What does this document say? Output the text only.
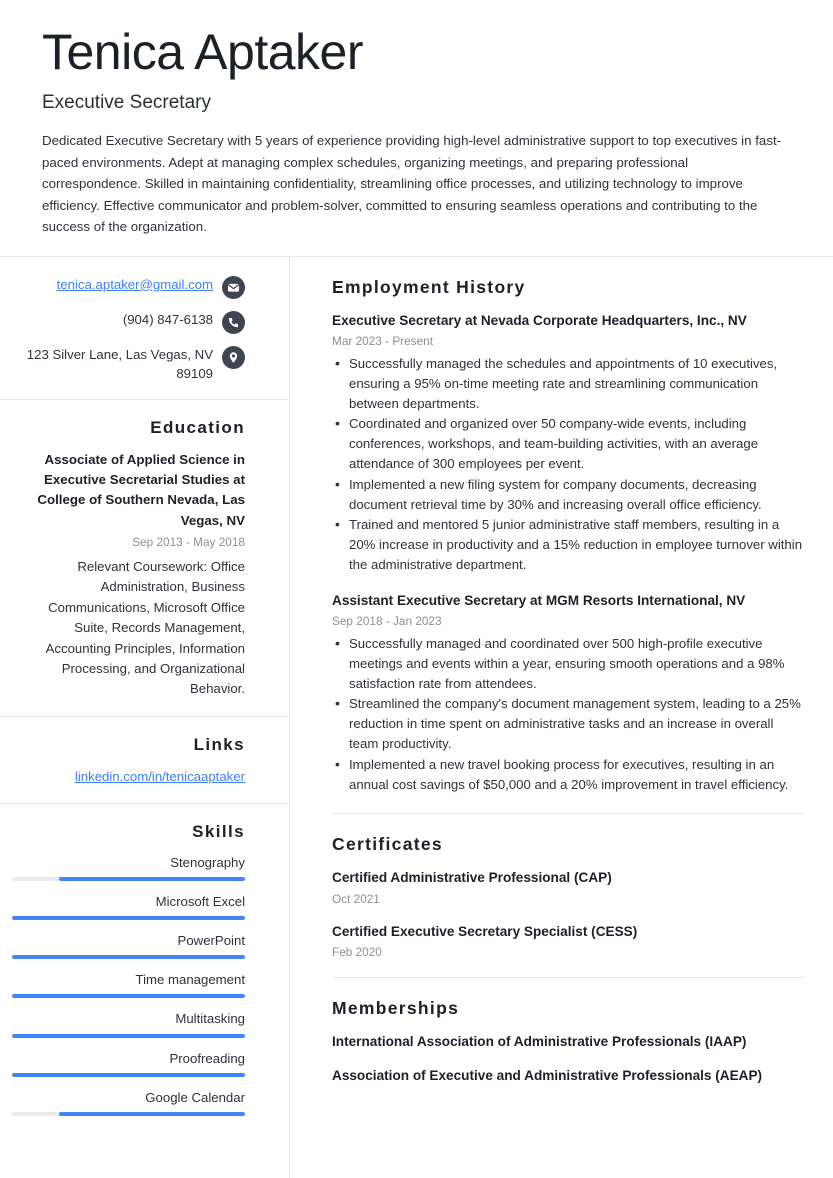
Tenica Aptaker
Executive Secretary
Dedicated Executive Secretary with 5 years of experience providing high-level administrative support to top executives in fast-paced environments. Adept at managing complex schedules, organizing meetings, and preparing professional correspondence. Skilled in maintaining confidentiality, streamlining office processes, and utilizing technology to improve efficiency. Effective communicator and problem-solver, committed to ensuring seamless operations and contributing to the success of the organization.
tenica.aptaker@gmail.com
(904) 847-6138
123 Silver Lane, Las Vegas, NV 89109
Education
Associate of Applied Science in Executive Secretarial Studies at College of Southern Nevada, Las Vegas, NV
Sep 2013 - May 2018
Relevant Coursework: Office Administration, Business Communications, Microsoft Office Suite, Records Management, Accounting Principles, Information Processing, and Organizational Behavior.
Links
linkedin.com/in/tenicaaptaker
Skills
Stenography
Microsoft Excel
PowerPoint
Time management
Multitasking
Proofreading
Google Calendar
Employment History
Executive Secretary at Nevada Corporate Headquarters, Inc., NV
Mar 2023 - Present
• Successfully managed the schedules and appointments of 10 executives, ensuring a 95% on-time meeting rate and streamlining communication between departments.
• Coordinated and organized over 50 company-wide events, including conferences, workshops, and team-building activities, with an average attendance of 300 employees per event.
• Implemented a new filing system for company documents, decreasing document retrieval time by 30% and increasing overall office efficiency.
• Trained and mentored 5 junior administrative staff members, resulting in a 20% increase in productivity and a 15% reduction in employee turnover within the administrative department.
Assistant Executive Secretary at MGM Resorts International, NV
Sep 2018 - Jan 2023
• Successfully managed and coordinated over 500 high-profile executive meetings and events within a year, ensuring smooth operations and a 98% satisfaction rate from attendees.
• Streamlined the company's document management system, leading to a 25% reduction in time spent on administrative tasks and an increase in overall team productivity.
• Implemented a new travel booking process for executives, resulting in an annual cost savings of $50,000 and a 20% improvement in travel efficiency.
Certificates
Certified Administrative Professional (CAP)
Oct 2021
Certified Executive Secretary Specialist (CESS)
Feb 2020
Memberships
International Association of Administrative Professionals (IAAP)
Association of Executive and Administrative Professionals (AEAP)
